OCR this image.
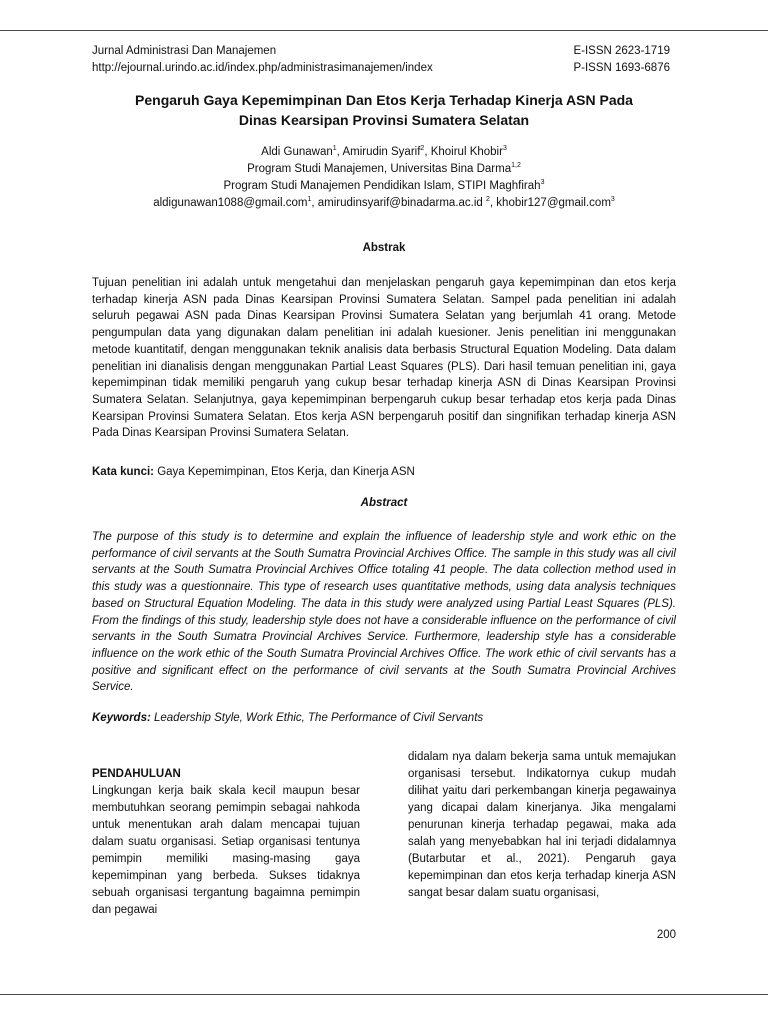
Jurnal Administrasi Dan Manajemen
http://ejournal.urindo.ac.id/index.php/administrasimanajemen/index
E-ISSN 2623-1719
P-ISSN 1693-6876
Pengaruh Gaya Kepemimpinan Dan Etos Kerja Terhadap Kinerja ASN Pada
Dinas Kearsipan Provinsi Sumatera Selatan
Aldi Gunawan$^1$, Amirudin Syarif$^2$, Khoirul Khobir$^3$
Program Studi Manajemen, Universitas Bina Darma$^{1,2}$
Program Studi Manajemen Pendidikan Islam, STIPI Maghfirah$^3$
aldigunawan1088@gmail.com$^1$, amirudinsyarif@binadarma.ac.id $^2$, khobir127@gmail.com$^3$
Abstrak
Tujuan penelitian ini adalah untuk mengetahui dan menjelaskan pengaruh gaya kepemimpinan dan etos kerja terhadap kinerja ASN pada Dinas Kearsipan Provinsi Sumatera Selatan. Sampel pada penelitian ini adalah seluruh pegawai ASN pada Dinas Kearsipan Provinsi Sumatera Selatan yang berjumlah 41 orang. Metode pengumpulan data yang digunakan dalam penelitian ini adalah kuesioner. Jenis penelitian ini menggunakan metode kuantitatif, dengan menggunakan teknik analisis data berbasis Structural Equation Modeling. Data dalam penelitian ini dianalisis dengan menggunakan Partial Least Squares (PLS). Dari hasil temuan penelitian ini, gaya kepemimpinan tidak memiliki pengaruh yang cukup besar terhadap kinerja ASN di Dinas Kearsipan Provinsi Sumatera Selatan. Selanjutnya, gaya kepemimpinan berpengaruh cukup besar terhadap etos kerja pada Dinas Kearsipan Provinsi Sumatera Selatan. Etos kerja ASN berpengaruh positif dan singnifikan terhadap kinerja ASN Pada Dinas Kearsipan Provinsi Sumatera Selatan.
Kata kunci: Gaya Kepemimpinan, Etos Kerja, dan Kinerja ASN
Abstract
The purpose of this study is to determine and explain the influence of leadership style and work ethic on the performance of civil servants at the South Sumatra Provincial Archives Office. The sample in this study was all civil servants at the South Sumatra Provincial Archives Office totaling 41 people. The data collection method used in this study was a questionnaire. This type of research uses quantitative methods, using data analysis techniques based on Structural Equation Modeling. The data in this study were analyzed using Partial Least Squares (PLS). From the findings of this study, leadership style does not have a considerable influence on the performance of civil servants in the South Sumatra Provincial Archives Service. Furthermore, leadership style has a considerable influence on the work ethic of the South Sumatra Provincial Archives Office. The work ethic of civil servants has a positive and significant effect on the performance of civil servants at the South Sumatra Provincial Archives Service.
Keywords: Leadership Style, Work Ethic, The Performance of Civil Servants
PENDAHULUAN
Lingkungan kerja baik skala kecil maupun besar membutuhkan seorang pemimpin sebagai nahkoda untuk menentukan arah dalam mencapai tujuan dalam suatu organisasi. Setiap organisasi tentunya pemimpin memiliki masing-masing gaya kepemimpinan yang berbeda. Sukses tidaknya sebuah organisasi tergantung bagaimna pemimpin dan pegawai
didalam nya dalam bekerja sama untuk memajukan organisasi tersebut. Indikatornya cukup mudah dilihat yaitu dari perkembangan kinerja pegawainya yang dicapai dalam kinerjanya. Jika mengalami penurunan kinerja terhadap pegawai, maka ada salah yang menyebabkan hal ini terjadi didalamnya (Butarbutar et al., 2021). Pengaruh gaya kepemimpinan dan etos kerja terhadap kinerja ASN sangat besar dalam suatu organisasi,
200
